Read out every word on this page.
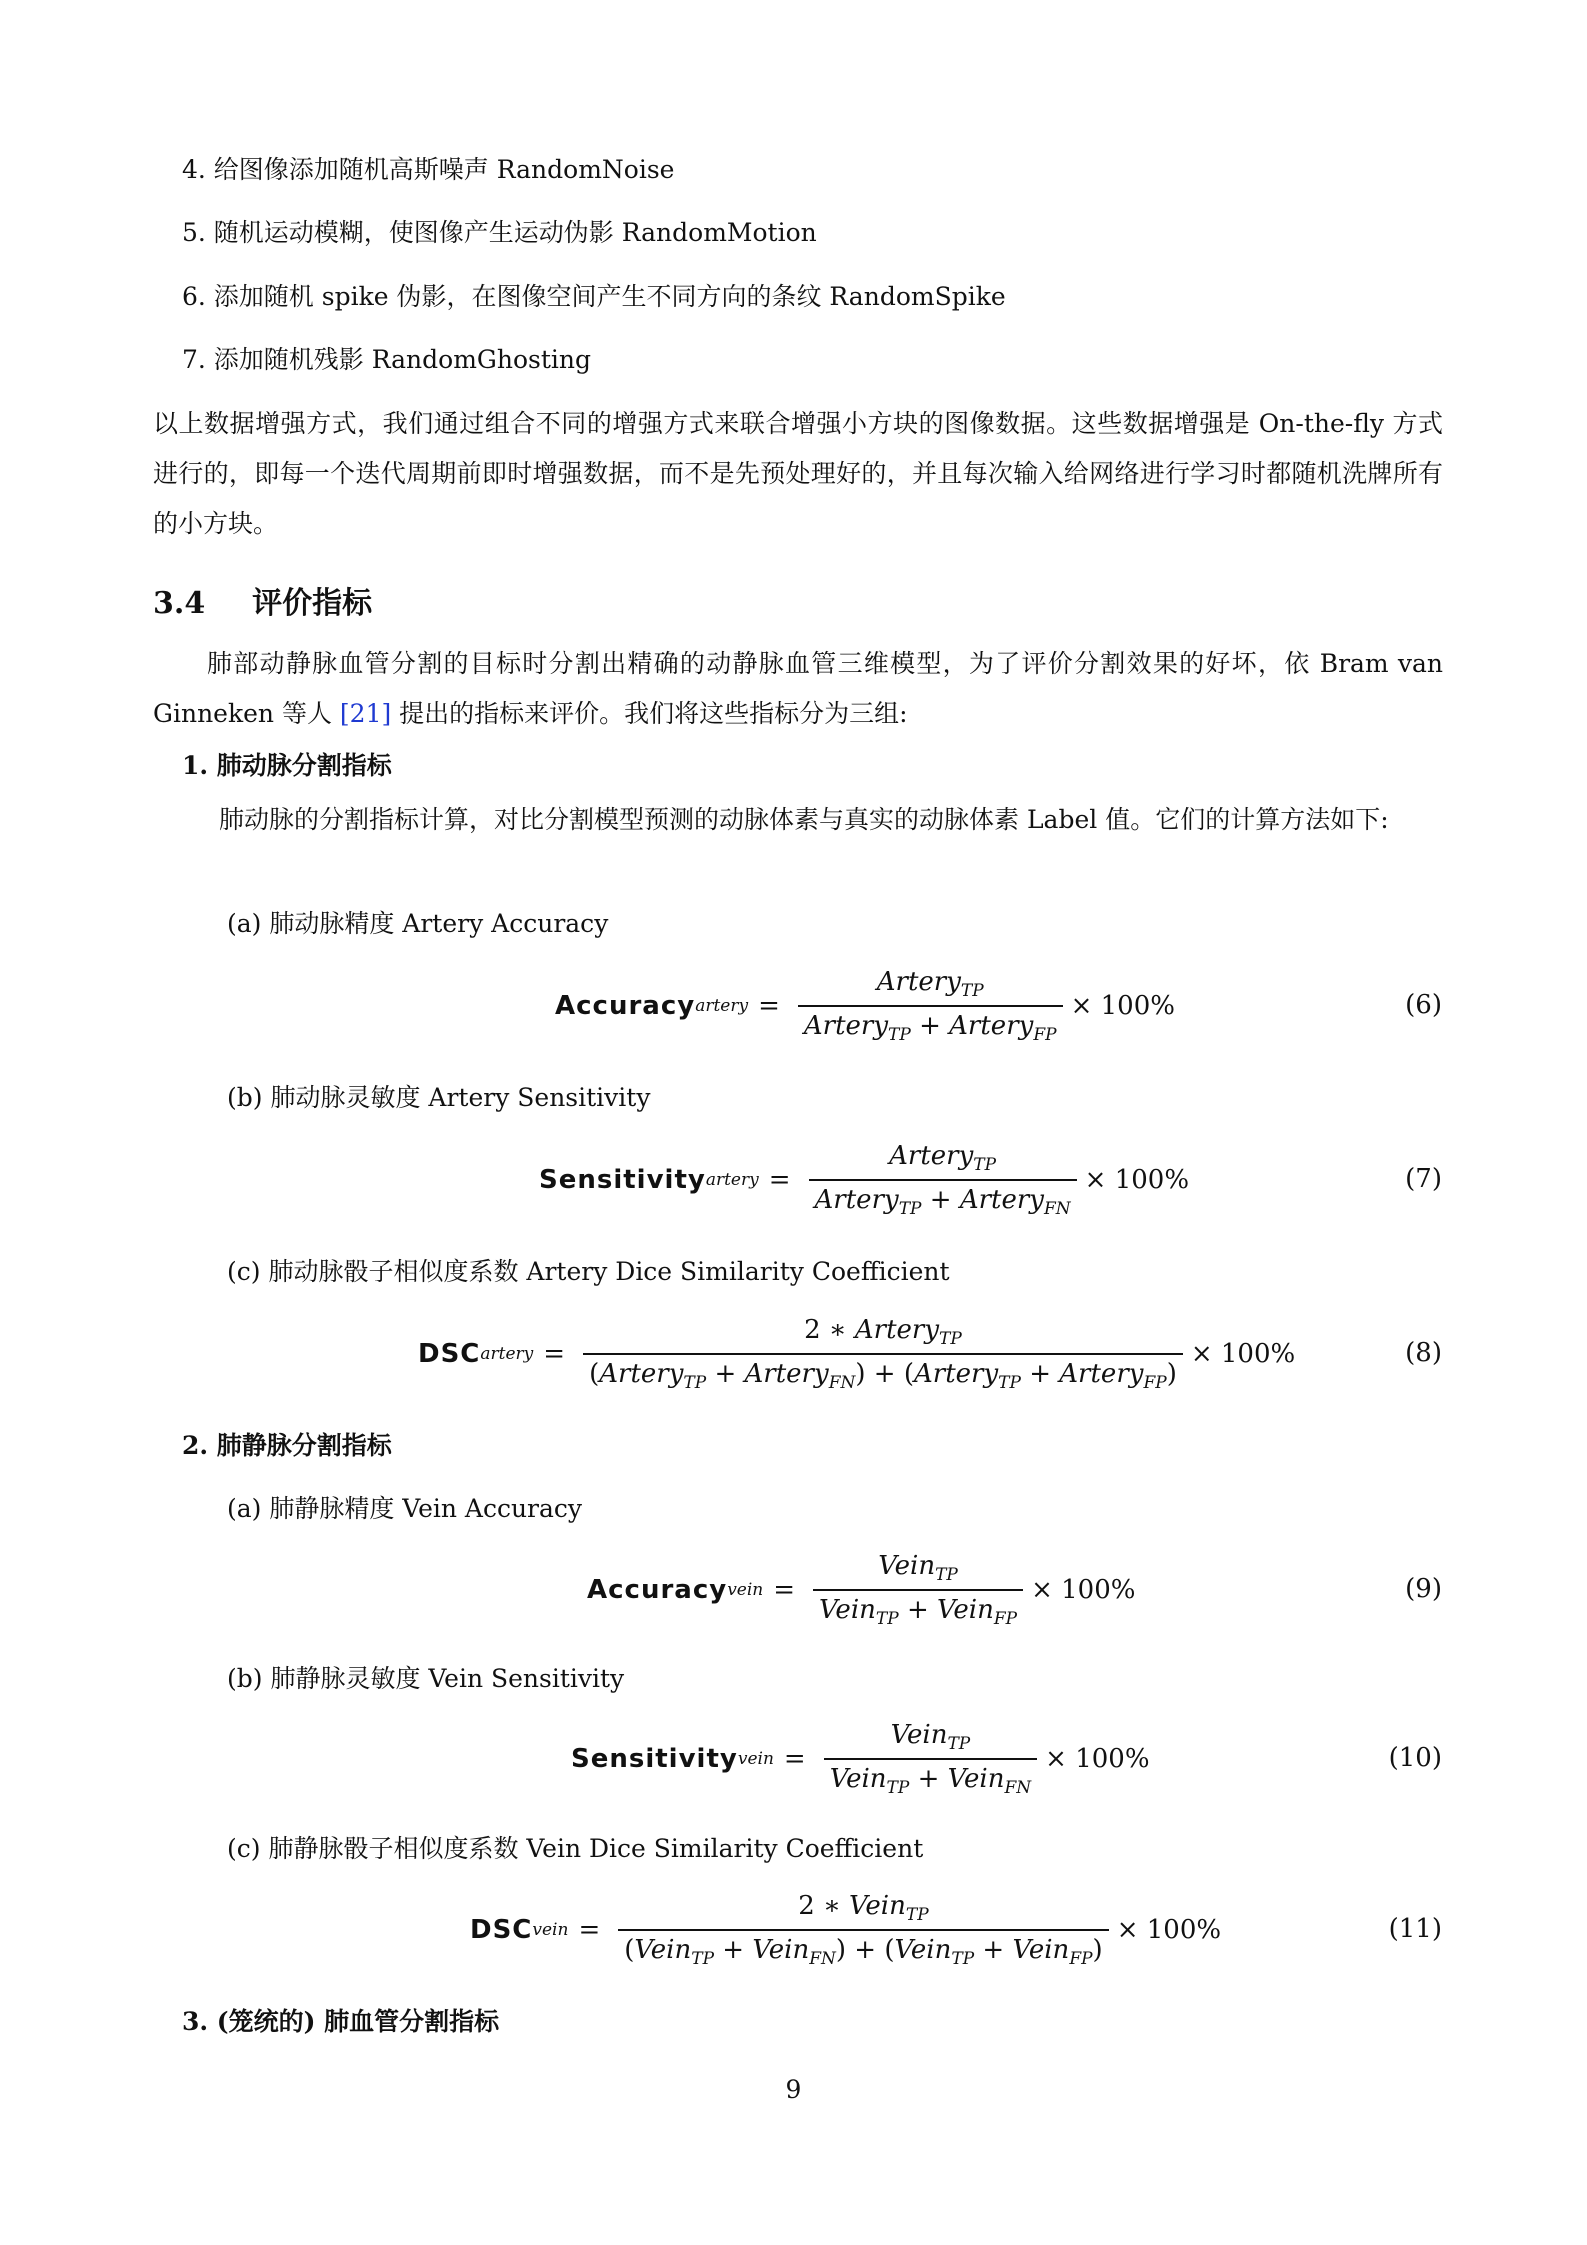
4. 给图像添加随机高斯噪声 RandomNoise
5. 随机运动模糊，使图像产生运动伪影 RandomMotion
6. 添加随机 spike 伪影，在图像空间产生不同方向的条纹 RandomSpike
7. 添加随机残影 RandomGhosting
以上数据增强方式，我们通过组合不同的增强方式来联合增强小方块的图像数据。这些数据增强是 On-the-fly 方式进行的，即每一个迭代周期前即时增强数据，而不是先预处理好的，并且每次输入给网络进行学习时都随机洗牌所有的小方块。
3.4 评价指标
肺部动静脉血管分割的目标时分割出精确的动静脉血管三维模型，为了评价分割效果的好坏，依 Bram van Ginneken 等人 [21] 提出的指标来评价。我们将这些指标分为三组:
1. 肺动脉分割指标
肺动脉的分割指标计算，对比分割模型预测的动脉体素与真实的动脉体素 Label 值。它们的计算方法如下:
(a) 肺动脉精度 Artery Accuracy
Accuracy artery = $\frac{Artery_{TP}}{Artery_{TP} + Artery_{FP}} \times 100\%$	(6)
(b) 肺动脉灵敏度 Artery Sensitivity
Sensitivity artery = $\frac{Artery_{TP}}{Artery_{TP} + Artery_{FN}} \times 100\%$	(7)
(c) 肺动脉骰子相似度系数 Artery Dice Similarity Coefficient
DSC artery = $\frac{2 ∗ Artery_{TP}}{(Artery_{TP} + Artery_{FN}) + (Artery_{TP} + Artery_{FP})} \times 100\%$	(8)
2. 肺静脉分割指标
(a) 肺静脉精度 Vein Accuracy
Accuracy vein = $\frac{Vein_{TP}}{Vein_{TP} + Vein_{FP}} \times 100\%$	(9)
(b) 肺静脉灵敏度 Vein Sensitivity
Sensitivity vein = $\frac{Vein_{TP}}{Vein_{TP} + Vein_{FN}} \times 100\%$	(10)
(c) 肺静脉骰子相似度系数 Vein Dice Similarity Coefficient
DSC vein = $\frac{2 ∗ Vein_{TP}}{(Vein_{TP} + Vein_{FN}) + (Vein_{TP} + Vein_{FP})} \times 100\%$	(11)
3. (笼统的) 肺血管分割指标
9
